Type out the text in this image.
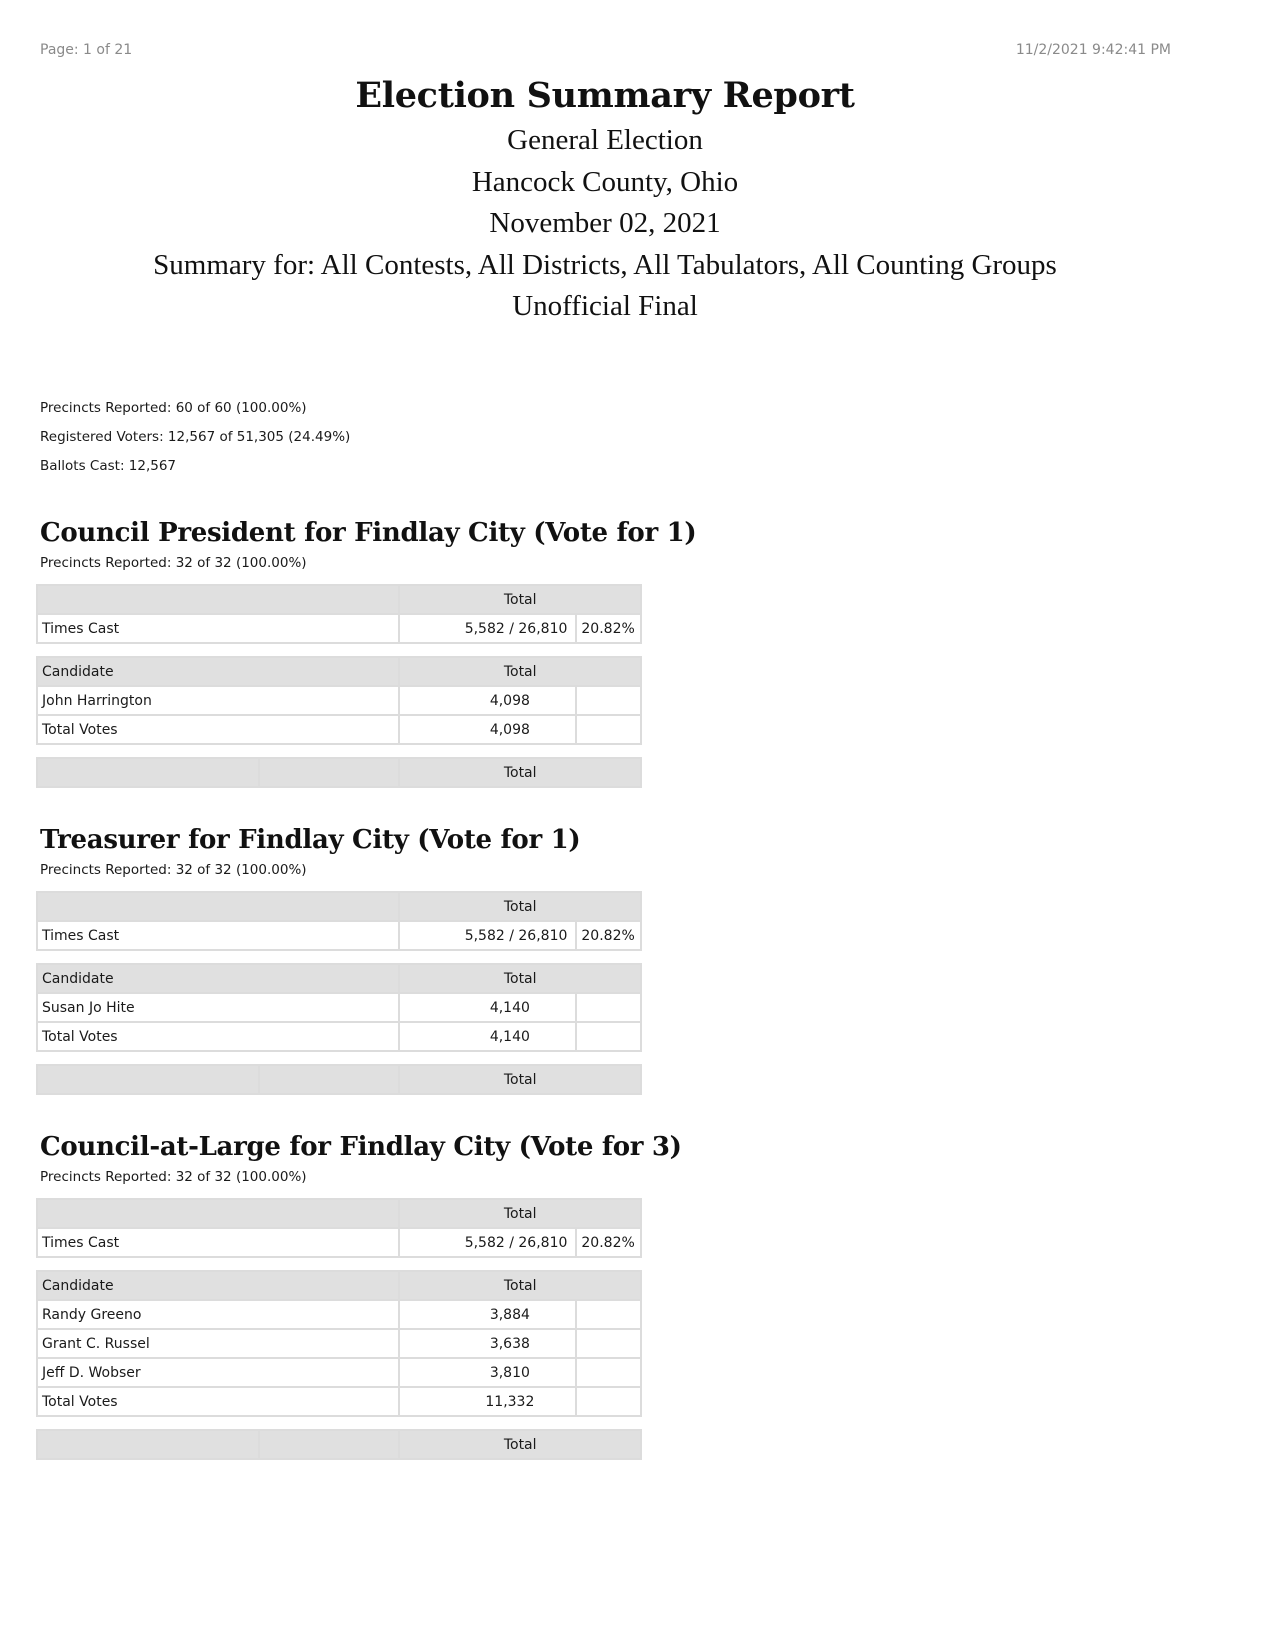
Page: 1 of 21	11/2/2021 9:42:41 PM
Election Summary Report
General Election
Hancock County, Ohio
November 02, 2021
Summary for: All Contests, All Districts, All Tabulators, All Counting Groups
Unofficial Final
Precincts Reported: 60 of 60 (100.00%)
Registered Voters: 12,567 of 51,305 (24.49%)
Ballots Cast: 12,567
Council President for Findlay City (Vote for 1)
Precincts Reported: 32 of 32 (100.00%)
	Total	
Times Cast	5,582 / 26,810	20.82%
Candidate	Total	
John Harrington	4,098	
Total Votes	4,098	
		Total
Treasurer for Findlay City (Vote for 1)
Precincts Reported: 32 of 32 (100.00%)
	Total	
Times Cast	5,582 / 26,810	20.82%
Candidate	Total	
Susan Jo Hite	4,140	
Total Votes	4,140	
		Total
Council-at-Large for Findlay City (Vote for 3)
Precincts Reported: 32 of 32 (100.00%)
	Total	
Times Cast	5,582 / 26,810	20.82%
Candidate	Total	
Randy Greeno	3,884	
Grant C. Russel	3,638	
Jeff D. Wobser	3,810	
Total Votes	11,332	
		Total
